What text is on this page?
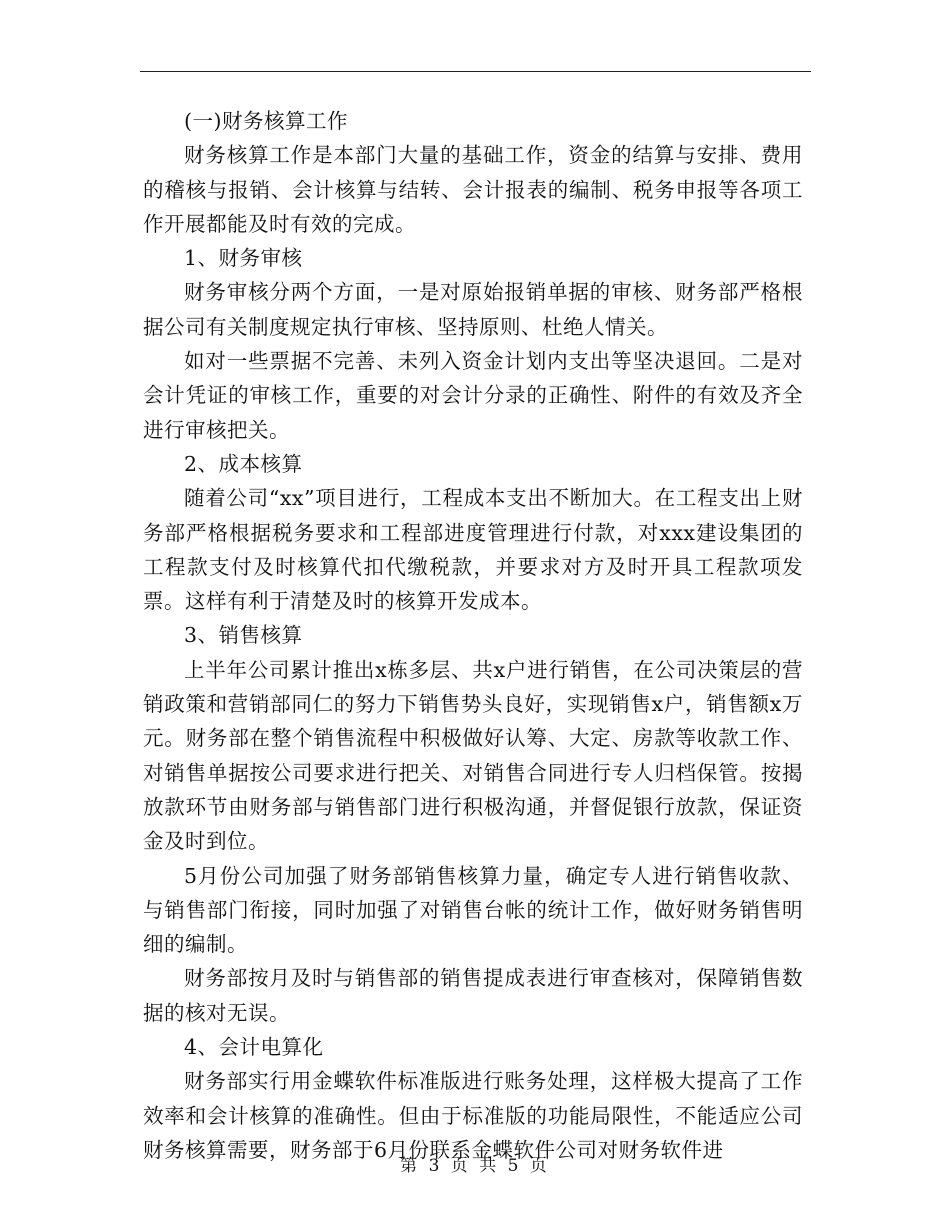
(一)财务核算工作

财务核算工作是本部门大量的基础工作，资金的结算与安排、费用的稽核与报销、会计核算与结转、会计报表的编制、税务申报等各项工作开展都能及时有效的完成。

1、财务审核

财务审核分两个方面，一是对原始报销单据的审核、财务部严格根据公司有关制度规定执行审核、坚持原则、杜绝人情关。

如对一些票据不完善、未列入资金计划内支出等坚决退回。二是对会计凭证的审核工作，重要的对会计分录的正确性、附件的有效及齐全进行审核把关。

2、成本核算

随着公司“xx”项目进行，工程成本支出不断加大。在工程支出上财务部严格根据税务要求和工程部进度管理进行付款，对xxx建设集团的工程款支付及时核算代扣代缴税款，并要求对方及时开具工程款项发票。这样有利于清楚及时的核算开发成本。

3、销售核算

上半年公司累计推出x栋多层、共x户进行销售，在公司决策层的营销政策和营销部同仁的努力下销售势头良好，实现销售x户，销售额x万元。财务部在整个销售流程中积极做好认筹、大定、房款等收款工作、对销售单据按公司要求进行把关、对销售合同进行专人归档保管。按揭放款环节由财务部与销售部门进行积极沟通，并督促银行放款，保证资金及时到位。

5月份公司加强了财务部销售核算力量，确定专人进行销售收款、与销售部门衔接，同时加强了对销售台帐的统计工作，做好财务销售明细的编制。

财务部按月及时与销售部的销售提成表进行审查核对，保障销售数据的核对无误。

4、会计电算化

财务部实行用金蝶软件标准版进行账务处理，这样极大提高了工作效率和会计核算的准确性。但由于标准版的功能局限性，不能适应公司财务核算需要，财务部于6月份联系金蝶软件公司对财务软件进

第 3 页 共 5 页
